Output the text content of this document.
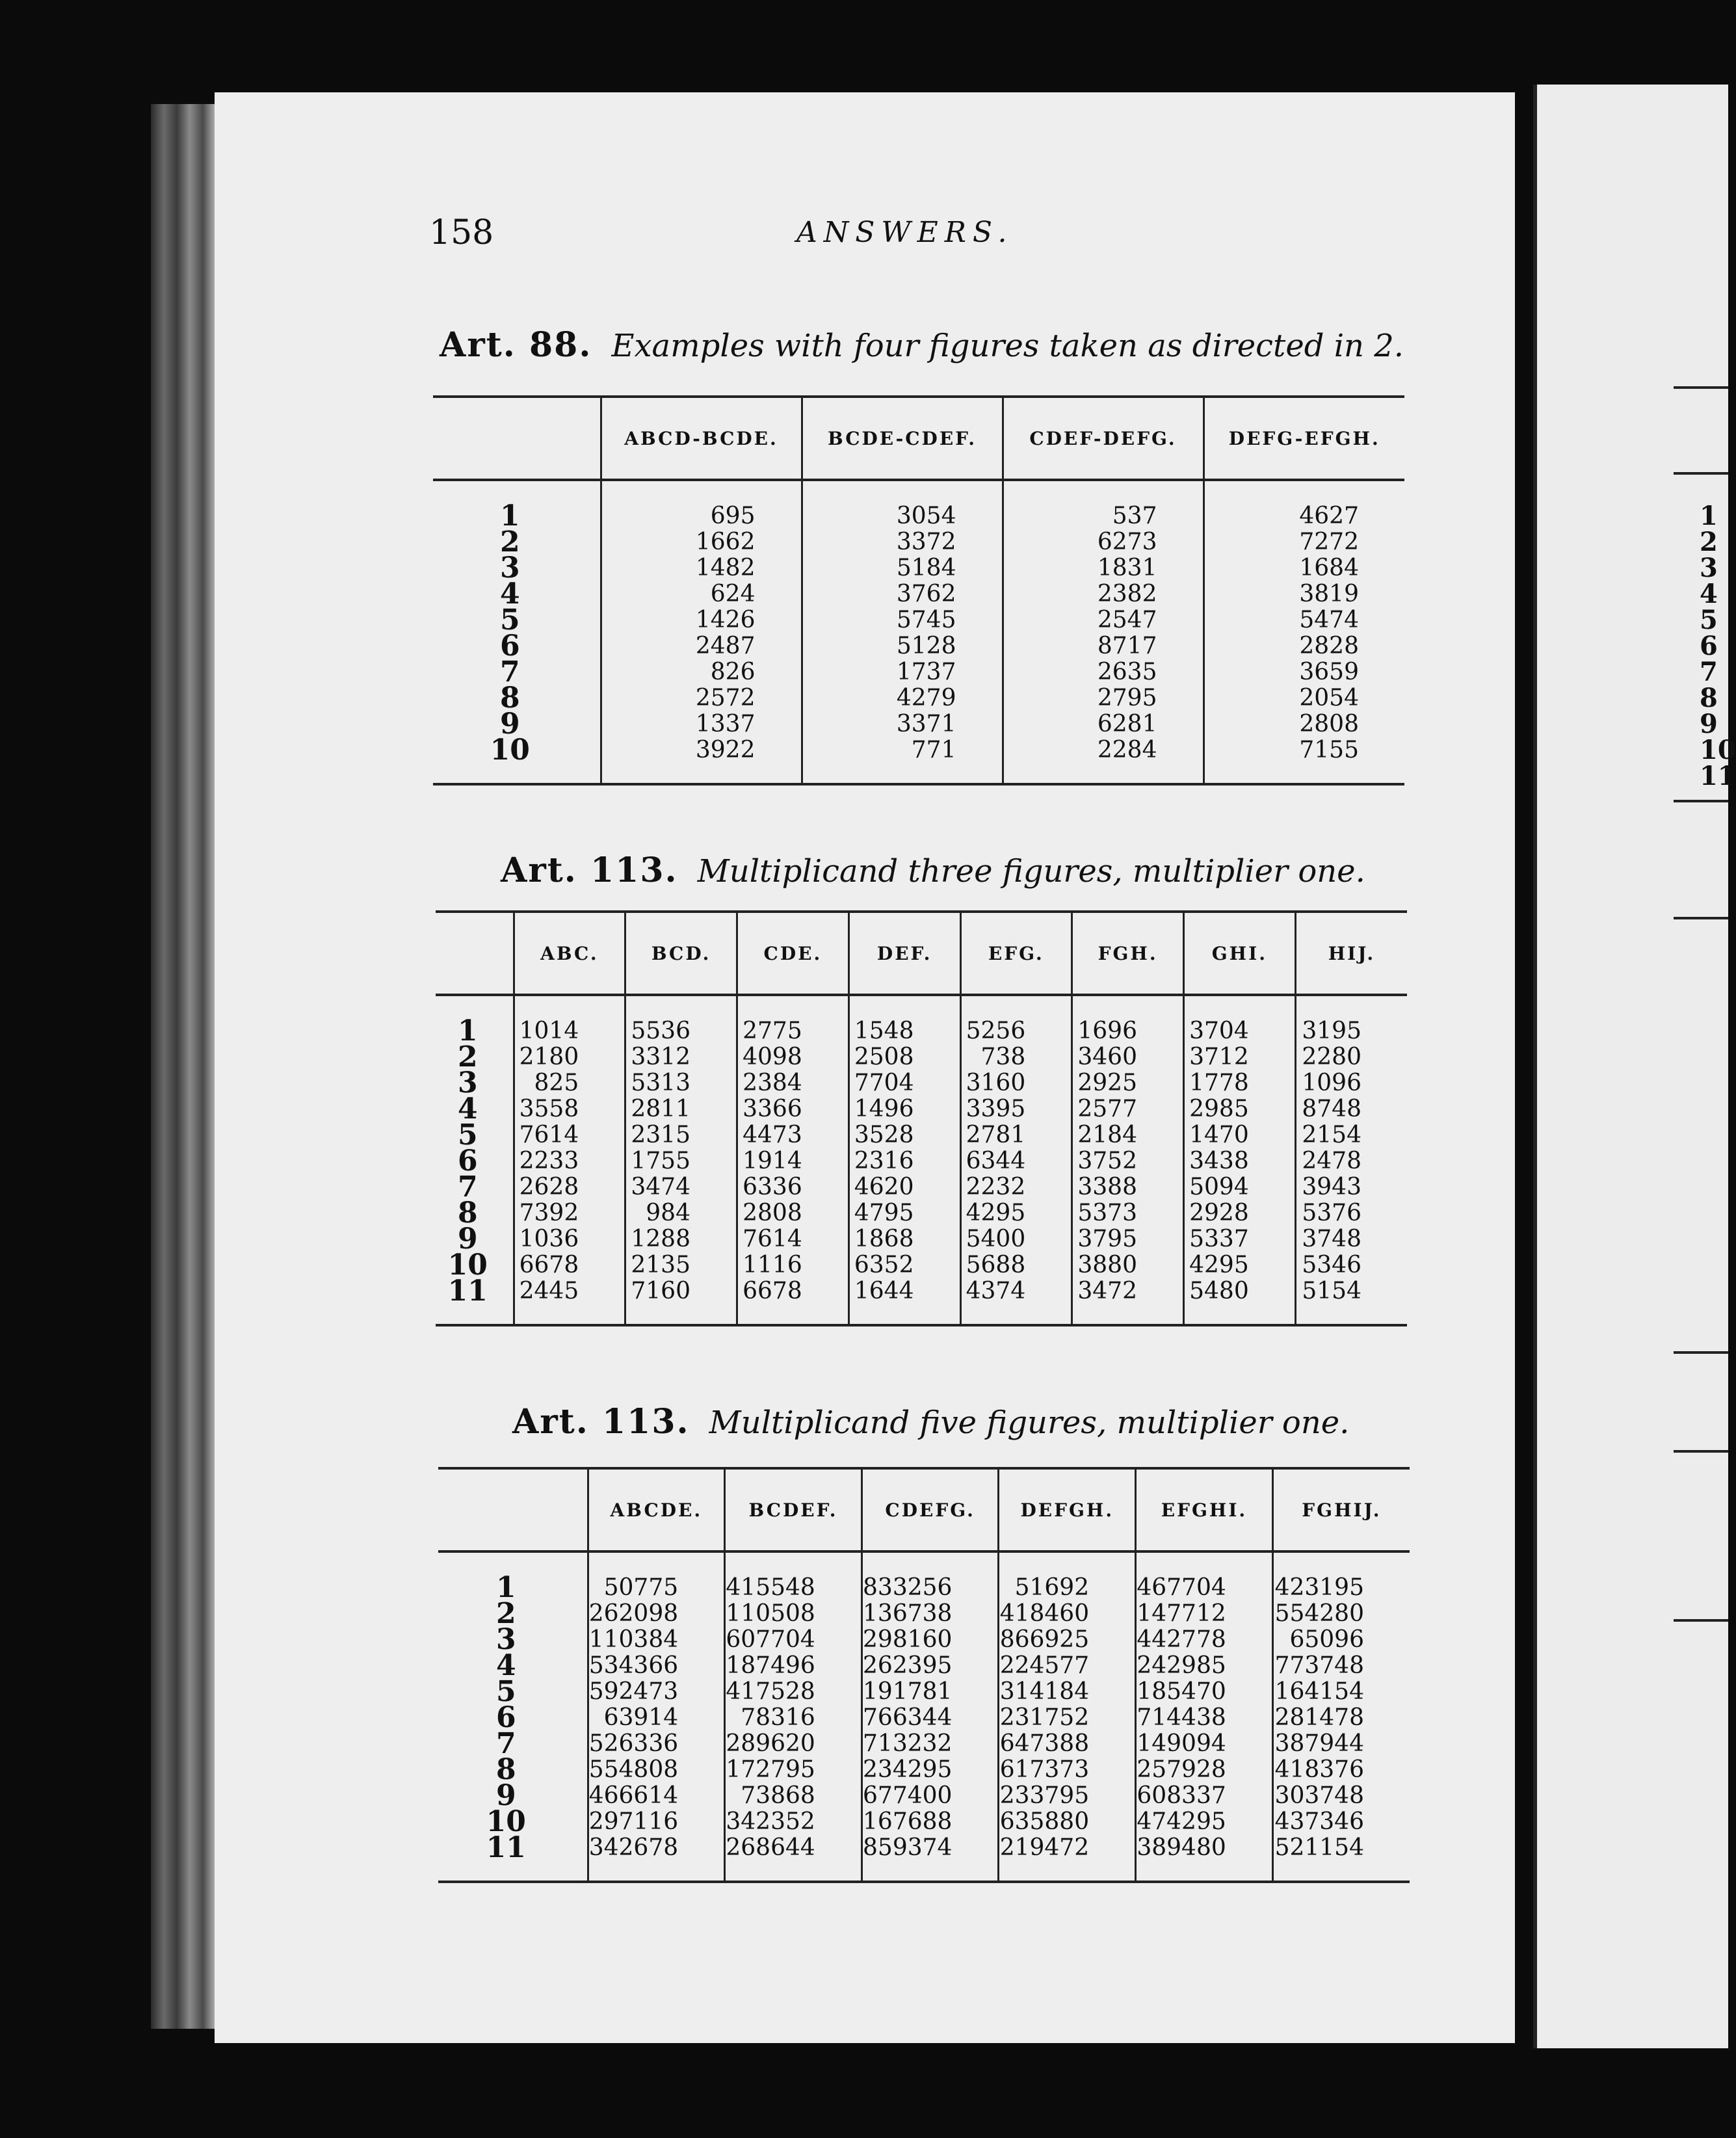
1
2
3
4
5
6
7
8
9
10
11
158	ANSWERS.
Art. 88. Examples with four figures taken as directed in 2.
	ABCD-BCDE.	BCDE-CDEF.	CDEF-DEFG.	DEFG-EFGH.
1	695	3054	537	4627
2	1662	3372	6273	7272
3	1482	5184	1831	1684
4	624	3762	2382	3819
5	1426	5745	2547	5474
6	2487	5128	8717	2828
7	826	1737	2635	3659
8	2572	4279	2795	2054
9	1337	3371	6281	2808
10	3922	771	2284	7155
Art. 113. Multiplicand three figures, multiplier one.
	ABC.	BCD.	CDE.	DEF.	EFG.	FGH.	GHI.	HIJ.
1	1014	5536	2775	1548	5256	1696	3704	3195
2	2180	3312	4098	2508	738	3460	3712	2280
3	825	5313	2384	7704	3160	2925	1778	1096
4	3558	2811	3366	1496	3395	2577	2985	8748
5	7614	2315	4473	3528	2781	2184	1470	2154
6	2233	1755	1914	2316	6344	3752	3438	2478
7	2628	3474	6336	4620	2232	3388	5094	3943
8	7392	984	2808	4795	4295	5373	2928	5376
9	1036	1288	7614	1868	5400	3795	5337	3748
10	6678	2135	1116	6352	5688	3880	4295	5346
11	2445	7160	6678	1644	4374	3472	5480	5154
Art. 113. Multiplicand five figures, multiplier one.
	ABCDE.	BCDEF.	CDEFG.	DEFGH.	EFGHI.	FGHIJ.
1	50775	415548	833256	51692	467704	423195
2	262098	110508	136738	418460	147712	554280
3	110384	607704	298160	866925	442778	65096
4	534366	187496	262395	224577	242985	773748
5	592473	417528	191781	314184	185470	164154
6	63914	78316	766344	231752	714438	281478
7	526336	289620	713232	647388	149094	387944
8	554808	172795	234295	617373	257928	418376
9	466614	73868	677400	233795	608337	303748
10	297116	342352	167688	635880	474295	437346
11	342678	268644	859374	219472	389480	521154
